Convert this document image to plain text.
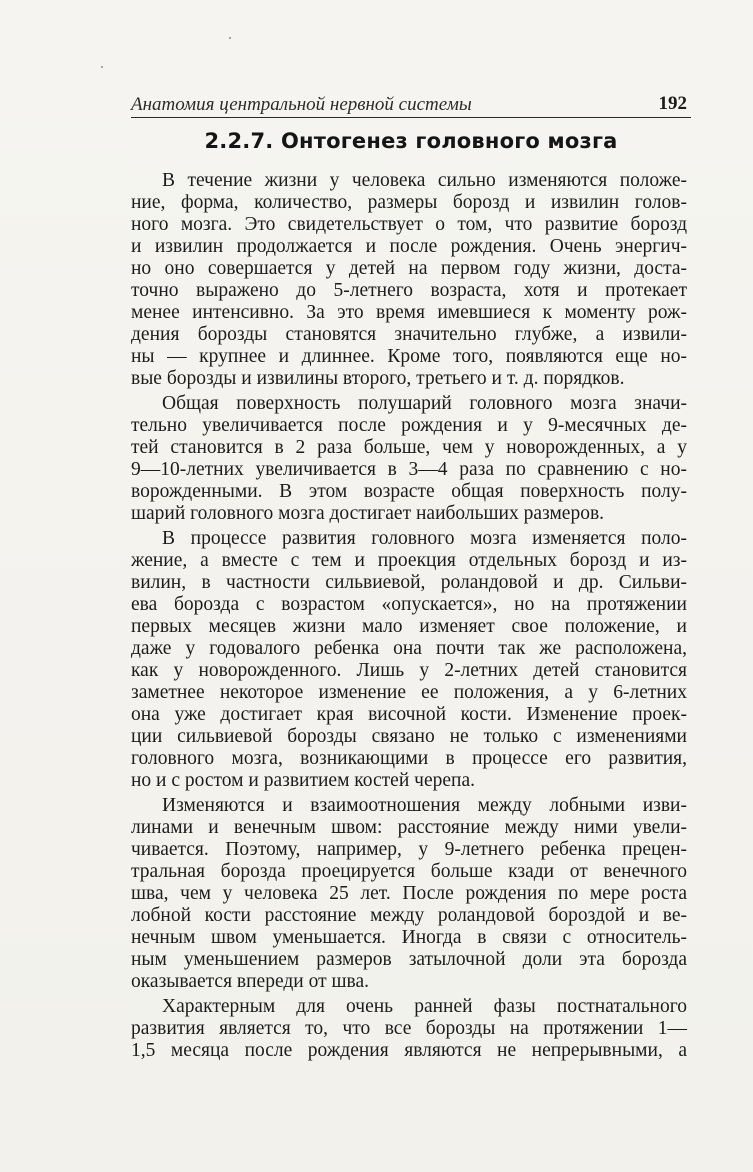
Анатомия центральной нервной системы	192
2.2.7. Онтогенез головного мозга
В течение жизни у человека сильно изменяются положе-
ние, форма, количество, размеры борозд и извилин голов-
ного мозга. Это свидетельствует о том, что развитие борозд
и извилин продолжается и после рождения. Очень энергич-
но оно совершается у детей на первом году жизни, доста-
точно выражено до 5-летнего возраста, хотя и протекает
менее интенсивно. За это время имевшиеся к моменту рож-
дения борозды становятся значительно глубже, а извили-
ны — крупнее и длиннее. Кроме того, появляются еще но-
вые борозды и извилины второго, третьего и т. д. порядков.
Общая поверхность полушарий головного мозга значи-
тельно увеличивается после рождения и у 9-месячных де-
тей становится в 2 раза больше, чем у новорожденных, а у
9—10-летних увеличивается в 3—4 раза по сравнению с но-
ворожденными. В этом возрасте общая поверхность полу-
шарий головного мозга достигает наибольших размеров.
В процессе развития головного мозга изменяется поло-
жение, а вместе с тем и проекция отдельных борозд и из-
вилин, в частности сильвиевой, роландовой и др. Сильви-
ева борозда с возрастом «опускается», но на протяжении
первых месяцев жизни мало изменяет свое положение, и
даже у годовалого ребенка она почти так же расположена,
как у новорожденного. Лишь у 2-летних детей становится
заметнее некоторое изменение ее положения, а у 6-летних
она уже достигает края височной кости. Изменение проек-
ции сильвиевой борозды связано не только с изменениями
головного мозга, возникающими в процессе его развития,
но и с ростом и развитием костей черепа.
Изменяются и взаимоотношения между лобными изви-
линами и венечным швом: расстояние между ними увели-
чивается. Поэтому, например, у 9-летнего ребенка прецен-
тральная борозда проецируется больше кзади от венечного
шва, чем у человека 25 лет. После рождения по мере роста
лобной кости расстояние между роландовой бороздой и ве-
нечным швом уменьшается. Иногда в связи с относитель-
ным уменьшением размеров затылочной доли эта борозда
оказывается впереди от шва.
Характерным для очень ранней фазы постнатального
развития является то, что все борозды на протяжении 1—
1,5 месяца после рождения являются не непрерывными, а
